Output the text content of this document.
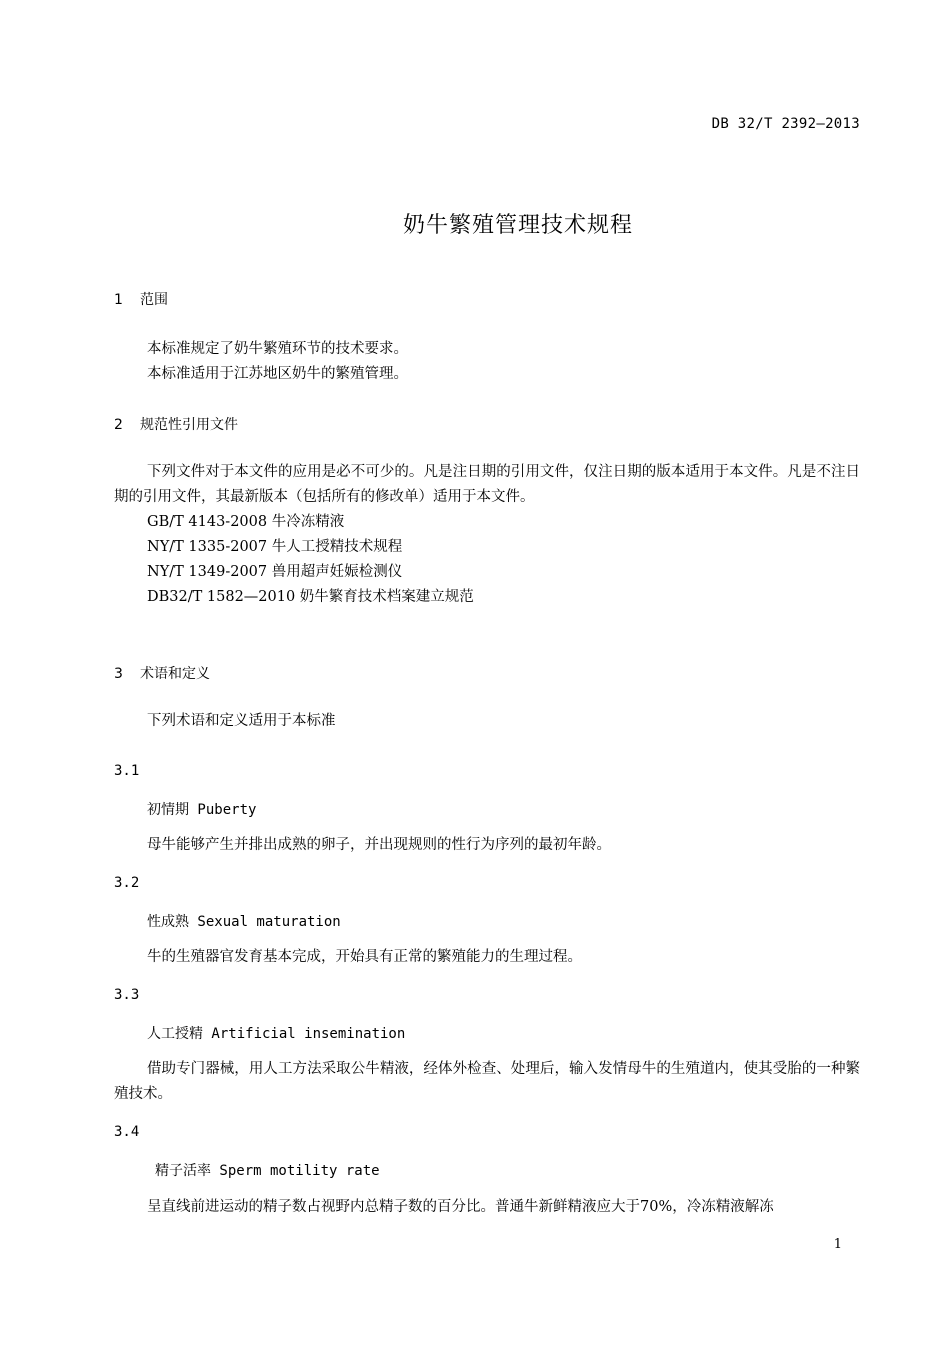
DB 32/T 2392—2013
奶牛繁殖管理技术规程
1 范围
本标准规定了奶牛繁殖环节的技术要求。
本标准适用于江苏地区奶牛的繁殖管理。
2 规范性引用文件
下列文件对于本文件的应用是必不可少的。凡是注日期的引用文件，仅注日期的版本适用于本文件。凡是不注日期的引用文件，其最新版本（包括所有的修改单）适用于本文件。
GB/T 4143-2008 牛冷冻精液
NY/T 1335-2007 牛人工授精技术规程
NY/T 1349-2007 兽用超声妊娠检测仪
DB32/T 1582—2010 奶牛繁育技术档案建立规范
3 术语和定义
下列术语和定义适用于本标准
3.1
初情期 Puberty
母牛能够产生并排出成熟的卵子，并出现规则的性行为序列的最初年龄。
3.2
性成熟 Sexual maturation
牛的生殖器官发育基本完成，开始具有正常的繁殖能力的生理过程。
3.3
人工授精 Artificial insemination
借助专门器械，用人工方法采取公牛精液，经体外检查、处理后，输入发情母牛的生殖道内，使其受胎的一种繁殖技术。
3.4
精子活率 Sperm motility rate
呈直线前进运动的精子数占视野内总精子数的百分比。普通牛新鲜精液应大于70%，冷冻精液解冻
1
